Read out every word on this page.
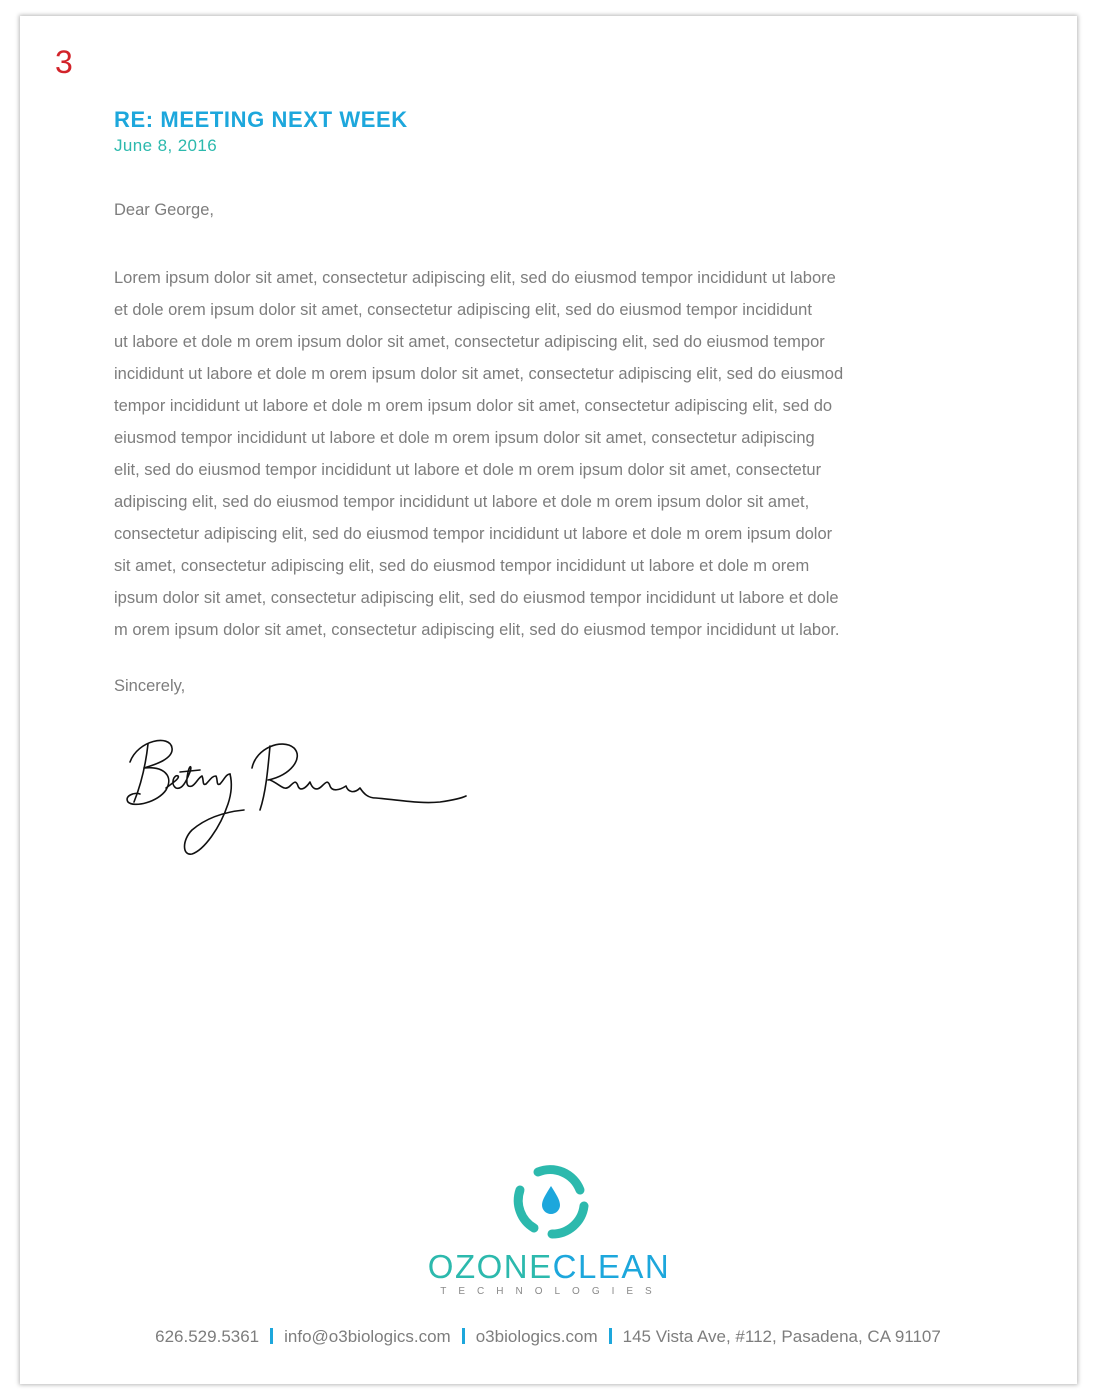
3
RE: MEETING NEXT WEEK
June 8, 2016
Dear George,

Lorem ipsum dolor sit amet, consectetur adipiscing elit, sed do eiusmod tempor incididunt ut labore
et dole orem ipsum dolor sit amet, consectetur adipiscing elit, sed do eiusmod tempor incididunt
ut labore et dole m orem ipsum dolor sit amet, consectetur adipiscing elit, sed do eiusmod tempor
incididunt ut labore et dole m orem ipsum dolor sit amet, consectetur adipiscing elit, sed do eiusmod
tempor incididunt ut labore et dole m orem ipsum dolor sit amet, consectetur adipiscing elit, sed do
eiusmod tempor incididunt ut labore et dole m orem ipsum dolor sit amet, consectetur adipiscing
elit, sed do eiusmod tempor incididunt ut labore et dole m orem ipsum dolor sit amet, consectetur
adipiscing elit, sed do eiusmod tempor incididunt ut labore et dole m orem ipsum dolor sit amet,
consectetur adipiscing elit, sed do eiusmod tempor incididunt ut labore et dole m orem ipsum dolor
sit amet, consectetur adipiscing elit, sed do eiusmod tempor incididunt ut labore et dole m orem
ipsum dolor sit amet, consectetur adipiscing elit, sed do eiusmod tempor incididunt ut labore et dole
m orem ipsum dolor sit amet, consectetur adipiscing elit, sed do eiusmod tempor incididunt ut labor.

Sincerely,
OZONECLEAN
TECHNOLOGIES
626.529.5361 info@o3biologics.com o3biologics.com 145 Vista Ave, #112, Pasadena, CA 91107
